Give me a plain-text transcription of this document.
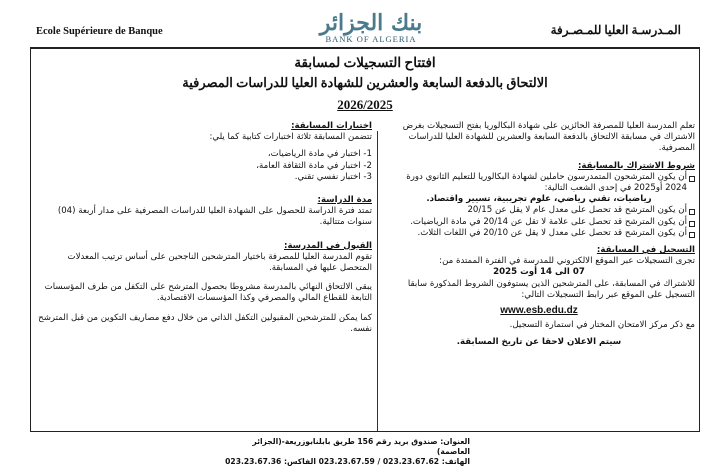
Ecole Supérieure de Banque	بنك الجزائر
BANK OF ALGERIA
المـدرسـة العليا للمـصـرفة
افتتاح التسجيلات لمسابقة
الالتحاق بالدفعة السابعة والعشرين للشهادة العليا للدراسات المصرفية
2026/2025
تعلم المدرسة العليا للمصرفة الحائزين على شهادة البكالوريا بفتح التسجيلات بغرض الاشتراك في مسابقة الالتحاق بالدفعة السابعة والعشرين للشهادة العليا للدراسات المصرفية.
شروط الاشتراك بالمسابقة:
أن يكون المترشحون المتمدرسون حاملين لشهادة البكالوريا للتعليم الثانوي دورة 2024 أو2025 في إحدى الشعب التالية:
رياضيات، تقني رياضي، علوم تجريبية، تسيير واقتصاد.
أن يكون المترشح قد تحصل على معدل عام لا يقل عن 20/15
أن يكون المترشح قد تحصل على علامة لا تقل عن 20/14 في مادة الرياضيات.
أن يكون المترشح قد تحصل على معدل لا يقل عن 20/10 في اللغات الثلاث.
التسجيل في المسابقة:
تجرى التسجيلات عبر الموقع الالكتروني للمدرسة في الفترة الممتدة من:
07 الى 14 أوت 2025
للاشتراك في المسابقة، على المترشحين الذين يستوفون الشروط المذكورة سابقا التسجيل على الموقع عبر رابط التسجيلات التالي:
www.esb.edu.dz
مع ذكر مركز الامتحان المختار في استمارة التسجيل.
سيتم الاعلان لاحقا عن تاريخ المسابقة.
اختبارات المسابقة:
تتضمن المسابقة ثلاثة اختبارات كتابية كما يلي:
1- اختبار في مادة الرياضيات،
2- اختبار في مادة الثقافة العامة،
3- اختبار نفسي تقني.
مدة الدراسة:
تمتد فترة الدراسة للحصول على الشهادة العليا للدراسات المصرفية على مدار أربعة (04) سنوات متتالية.
القبول في المدرسة:
تقوم المدرسة العليا للمصرفة باختيار المترشحين الناجحين على أساس ترتيب المعدلات المتحصل عليها في المسابقة.
يبقى الالتحاق النهائي بالمدرسة مشروطا بحصول المترشح على التكفل من طرف المؤسسات التابعة للقطاع المالي والمصرفي وكذا المؤسسات الاقتصادية.
كما يمكن للمترشحين المقبولين التكفل الذاتي من خلال دفع مصاريف التكوين من قبل المترشح نفسه.
العنوان: صندوق بريد رقم 156 طريق بابلنابوزريعة-(الجزائر العاصمة)
الهاتف: 023.23.67.62 / 023.23.67.59 الفاكس: 023.23.67.36
